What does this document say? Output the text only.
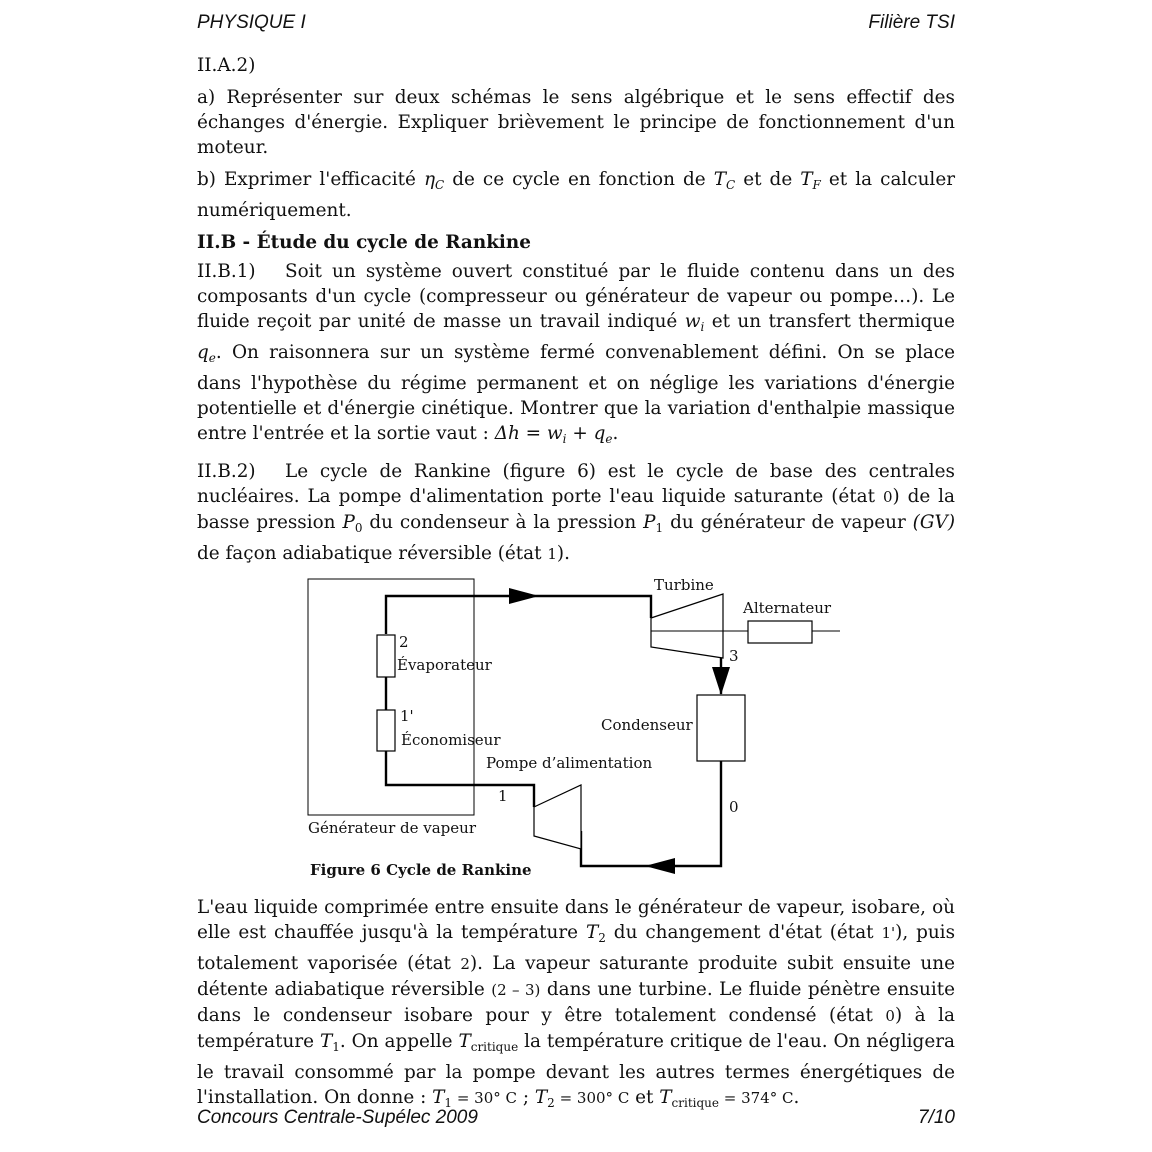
PHYSIQUE I	Filière TSI

II.A.2)

a) Représenter sur deux schémas le sens algébrique et le sens effectif des échanges d'énergie. Expliquer brièvement le principe de fonctionnement d'un moteur.

b) Exprimer l'efficacité $\eta_C$ de ce cycle en fonction de $T_C$ et de $T_F$ et la calculer numériquement.

II.B - Étude du cycle de Rankine

II.B.1) Soit un système ouvert constitué par le fluide contenu dans un des composants d'un cycle (compresseur ou générateur de vapeur ou pompe…). Le fluide reçoit par unité de masse un travail indiqué $w_i$ et un transfert thermique $q_e$. On raisonnera sur un système fermé convenablement défini. On se place dans l'hypothèse du régime permanent et on néglige les variations d'énergie potentielle et d'énergie cinétique. Montrer que la variation d'enthalpie massique entre l'entrée et la sortie vaut : $\Delta h = w_i + q_e$.

II.B.2) Le cycle de Rankine (figure 6) est le cycle de base des centrales nucléaires. La pompe d'alimentation porte l'eau liquide saturante (état 0) de la basse pression $P_0$ du condenseur à la pression $P_1$ du générateur de vapeur (GV) de façon adiabatique réversible (état 1).

Turbine
Alternateur
2
Évaporateur
1'
Économiseur
Condenseur
Pompe d’alimentation
1
3
0
Générateur de vapeur
Figure 6 Cycle de Rankine

L'eau liquide comprimée entre ensuite dans le générateur de vapeur, isobare, où elle est chauffée jusqu'à la température $T_2$ du changement d'état (état 1'), puis totalement vaporisée (état 2). La vapeur saturante produite subit ensuite une détente adiabatique réversible (2 – 3) dans une turbine. Le fluide pénètre ensuite dans le condenseur isobare pour y être totalement condensé (état 0) à la température $T_1$. On appelle $T_{critique}$ la température critique de l'eau. On négligera le travail consommé par la pompe devant les autres termes énergétiques de l'installation. On donne : $T_1 = 30^\circ$ C ; $T_2 = 300^\circ$ C et $T_{critique} = 374^\circ$ C.

Concours Centrale-Supélec 2009	7/10
